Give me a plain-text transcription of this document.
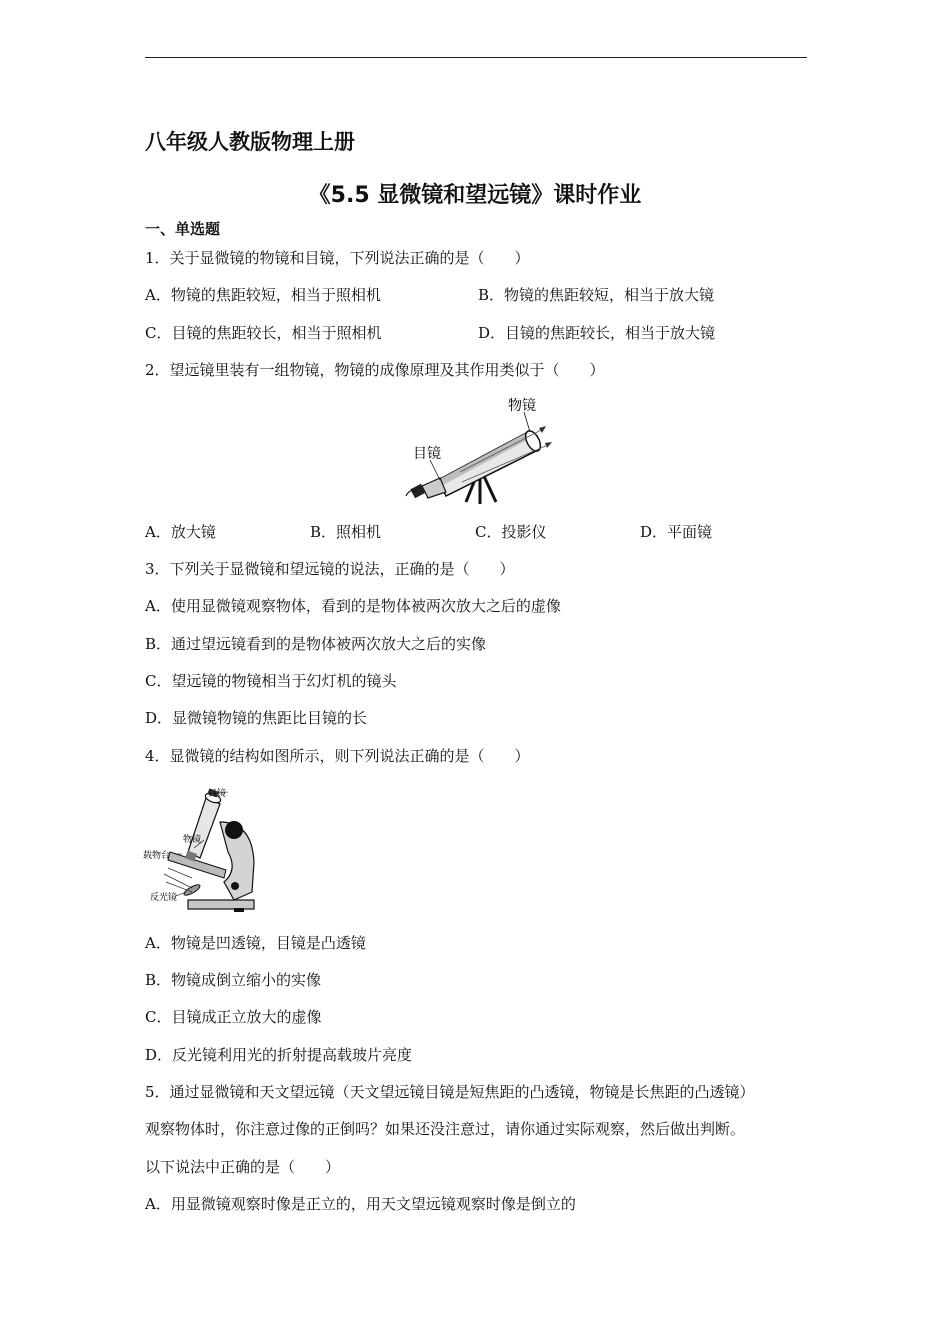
八年级人教版物理上册
《5.5 显微镜和望远镜》课时作业
一、单选题
1．关于显微镜的物镜和目镜，下列说法正确的是（　　）
A．物镜的焦距较短，相当于照相机	B．物镜的焦距较短，相当于放大镜
C．目镜的焦距较长，相当于照相机	D．目镜的焦距较长，相当于放大镜
2．望远镜里装有一组物镜，物镜的成像原理及其作用类似于（　　）
物镜
目镜
A．放大镜	B．照相机	C．投影仪	D．平面镜
3．下列关于显微镜和望远镜的说法，正确的是（　　）
A．使用显微镜观察物体，看到的是物体被两次放大之后的虚像
B．通过望远镜看到的是物体被两次放大之后的实像
C．望远镜的物镜相当于幻灯机的镜头
D．显微镜物镜的焦距比目镜的长
4．显微镜的结构如图所示，则下列说法正确的是（　　）
目镜
物镜
载物台
反光镜
A．物镜是凹透镜，目镜是凸透镜
B．物镜成倒立缩小的实像
C．目镜成正立放大的虚像
D．反光镜利用光的折射提高载玻片亮度
5．通过显微镜和天文望远镜（天文望远镜目镜是短焦距的凸透镜，物镜是长焦距的凸透镜）
观察物体时，你注意过像的正倒吗？如果还没注意过，请你通过实际观察，然后做出判断。
以下说法中正确的是（　　）
A．用显微镜观察时像是正立的，用天文望远镜观察时像是倒立的
